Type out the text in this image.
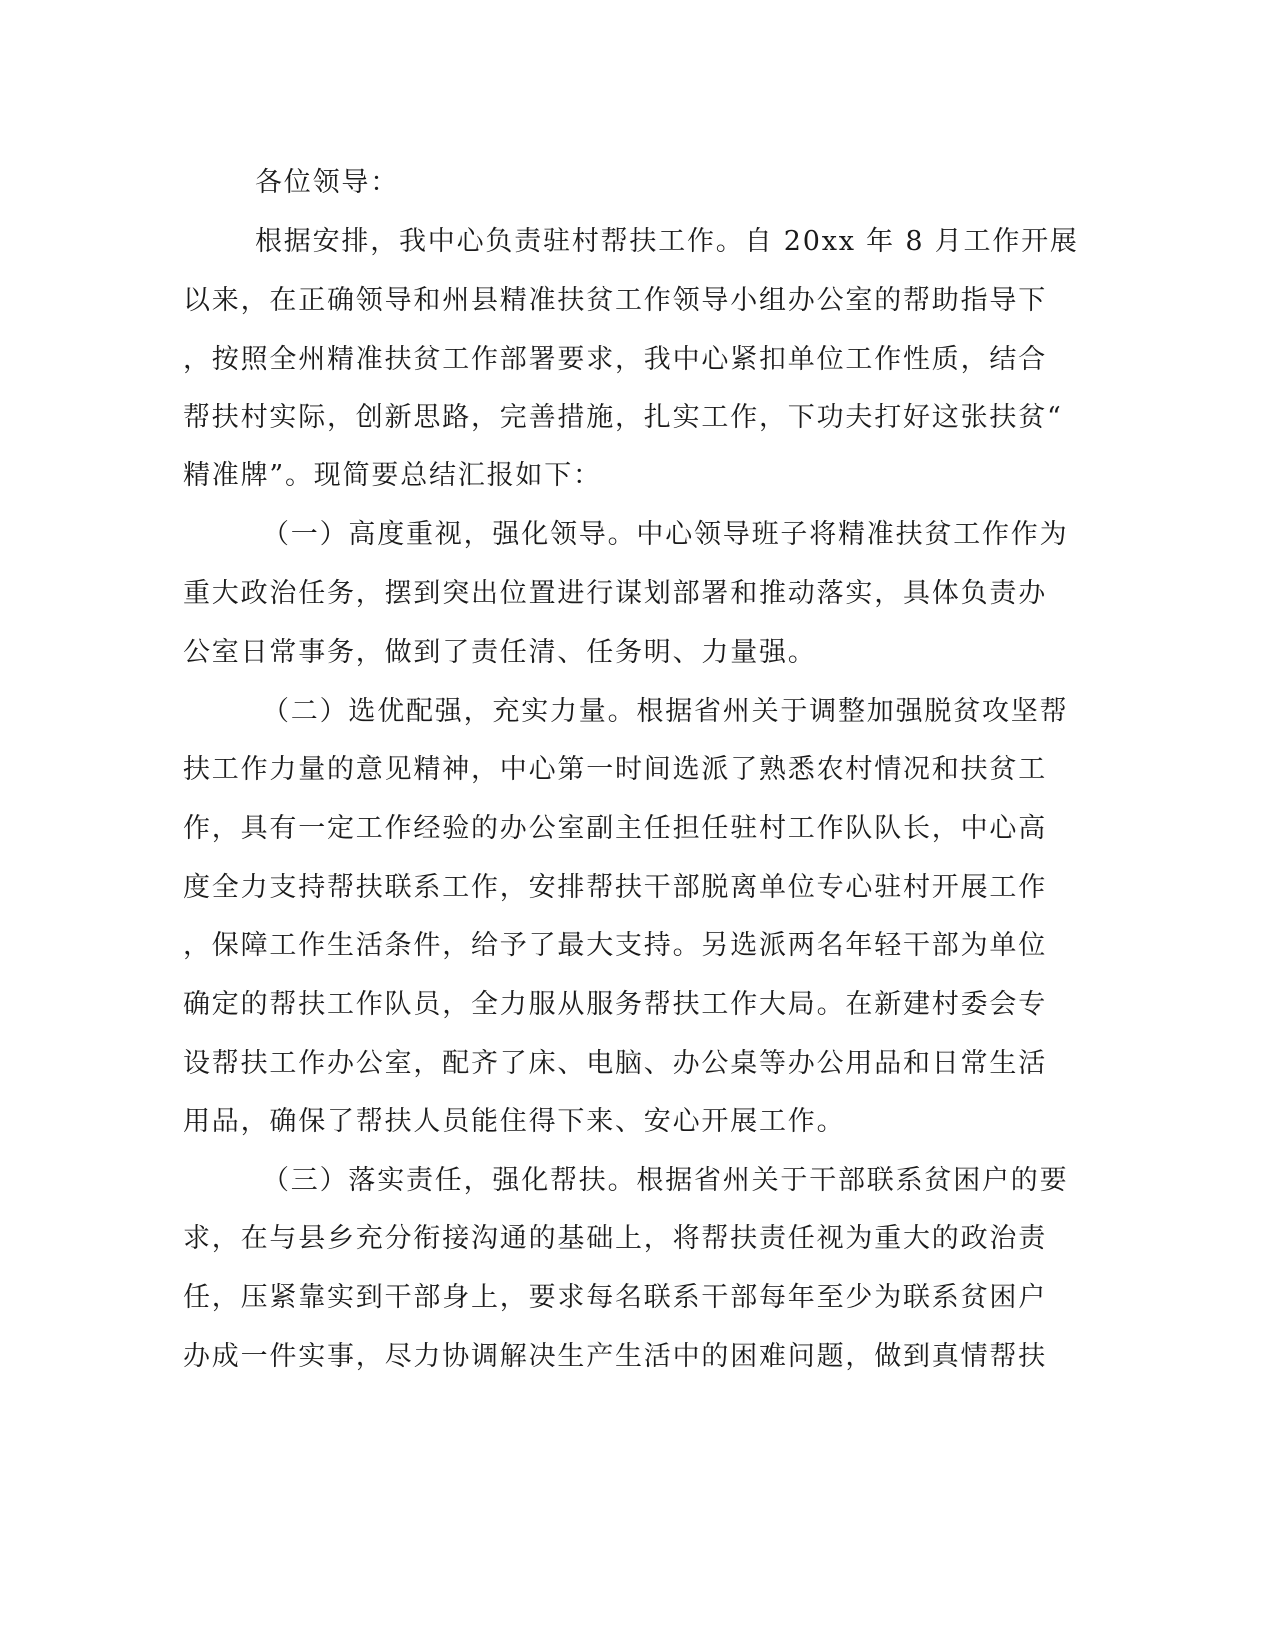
各位领导：
根据安排，我中心负责驻村帮扶工作。自 20xx 年 8 月工作开展
以来，在正确领导和州县精准扶贫工作领导小组办公室的帮助指导下
，按照全州精准扶贫工作部署要求，我中心紧扣单位工作性质，结合
帮扶村实际，创新思路，完善措施，扎实工作，下功夫打好这张扶贫“
精准牌”。现简要总结汇报如下：
（一）高度重视，强化领导。中心领导班子将精准扶贫工作作为
重大政治任务，摆到突出位置进行谋划部署和推动落实，具体负责办
公室日常事务，做到了责任清、任务明、力量强。
（二）选优配强，充实力量。根据省州关于调整加强脱贫攻坚帮
扶工作力量的意见精神，中心第一时间选派了熟悉农村情况和扶贫工
作，具有一定工作经验的办公室副主任担任驻村工作队队长，中心高
度全力支持帮扶联系工作，安排帮扶干部脱离单位专心驻村开展工作
，保障工作生活条件，给予了最大支持。另选派两名年轻干部为单位
确定的帮扶工作队员，全力服从服务帮扶工作大局。在新建村委会专
设帮扶工作办公室，配齐了床、电脑、办公桌等办公用品和日常生活
用品，确保了帮扶人员能住得下来、安心开展工作。
（三）落实责任，强化帮扶。根据省州关于干部联系贫困户的要
求，在与县乡充分衔接沟通的基础上，将帮扶责任视为重大的政治责
任，压紧靠实到干部身上，要求每名联系干部每年至少为联系贫困户
办成一件实事，尽力协调解决生产生活中的困难问题，做到真情帮扶
